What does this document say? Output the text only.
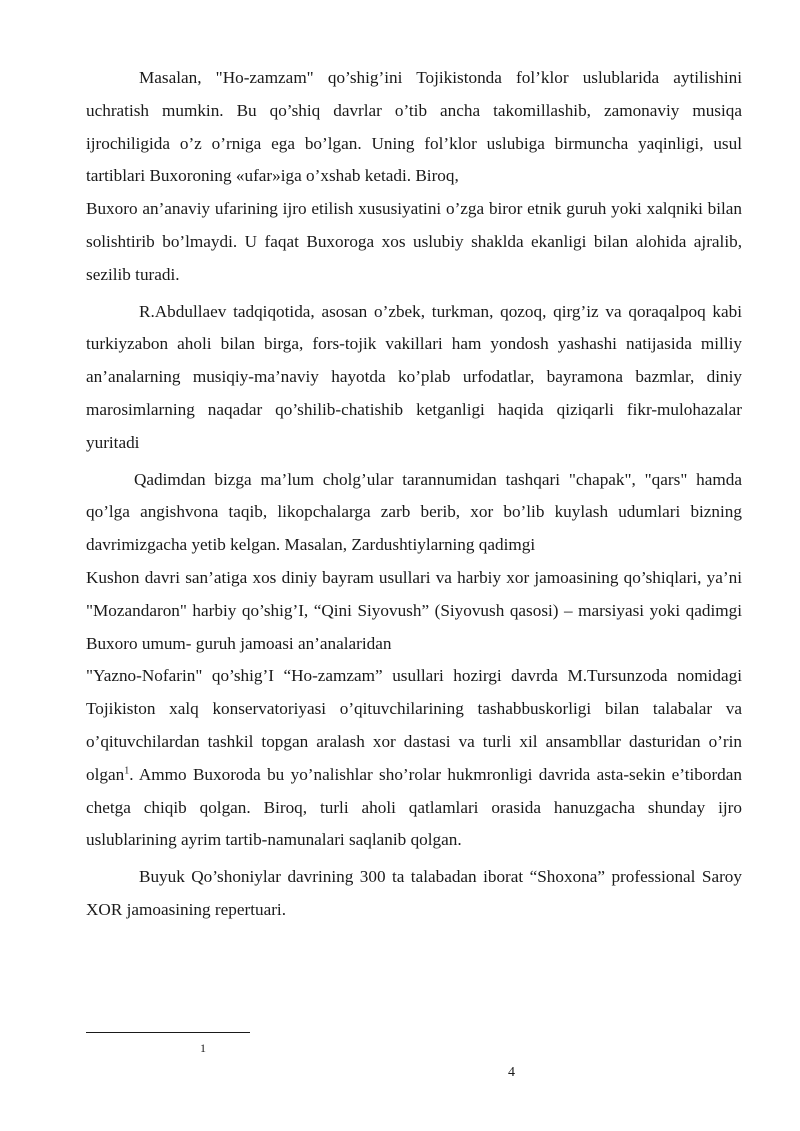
Masalan, "Ho-zamzam" qo’shig’ini Tojikistonda fol’klor uslublarida aytilishini uchratish mumkin. Bu qo’shiq davrlar o’tib ancha takomillashib, zamonaviy musiqa ijrochiligida o’z o’rniga ega bo’lgan. Uning fol’klor uslubiga birmuncha yaqinligi, usul tartiblari Buxoroning «ufar»iga o’xshab ketadi. Biroq,

Buxoro an’anaviy ufarining ijro etilish xususiyatini o’zga biror etnik guruh yoki xalqniki bilan solishtirib bo’lmaydi. U faqat Buxoroga xos uslubiy shaklda ekanligi bilan alohida ajralib, sezilib turadi.

R.Abdullaev tadqiqotida, asosan o’zbek, turkman, qozoq, qirg’iz va qoraqalpoq kabi turkiyzabon aholi bilan birga, fors-tojik vakillari ham yondosh yashashi natijasida milliy an’analarning musiqiy-ma’naviy hayotda ko’plab urfodatlar, bayramona bazmlar, diniy marosimlarning naqadar qo’shilib-chatishib ketganligi haqida qiziqarli fikr-mulohazalar yuritadi

Qadimdan bizga ma’lum cholg’ular tarannumidan tashqari "chapak", "qars" hamda qo’lga angishvona taqib, likopchalarga zarb berib, xor bo’lib kuylash udumlari bizning davrimizgacha yetib kelgan. Masalan, Zardushtiylarning qadimgi

Kushon davri san’atiga xos diniy bayram usullari va harbiy xor jamoasining qo’shiqlari, ya’ni "Mozandaron" harbiy qo’shig’I, “Qini Siyovush” (Siyovush qasosi) – marsiyasi yoki qadimgi Buxoro umum- guruh jamoasi an’analaridan

"Yazno-Nofarin" qo’shig’I “Ho-zamzam” usullari hozirgi davrda M.Tursunzoda nomidagi Tojikiston xalq konservatoriyasi o’qituvchilarining tashabbuskorligi bilan talabalar va o’qituvchilardan tashkil topgan aralash xor dastasi va turli xil ansambllar dasturidan o’rin olgan$^1$. Ammo Buxoroda bu yo’nalishlar sho’rolar hukmronligi davrida asta-sekin e’tibordan chetga chiqib qolgan. Biroq, turli aholi qatlamlari orasida hanuzgacha shunday ijro uslublarining ayrim tartib-namunalari saqlanib qolgan.

Buyuk Qo’shoniylar davrining 300 ta talabadan iborat “Shoxona” professional Saroy XOR jamoasining repertuari.

1
4
